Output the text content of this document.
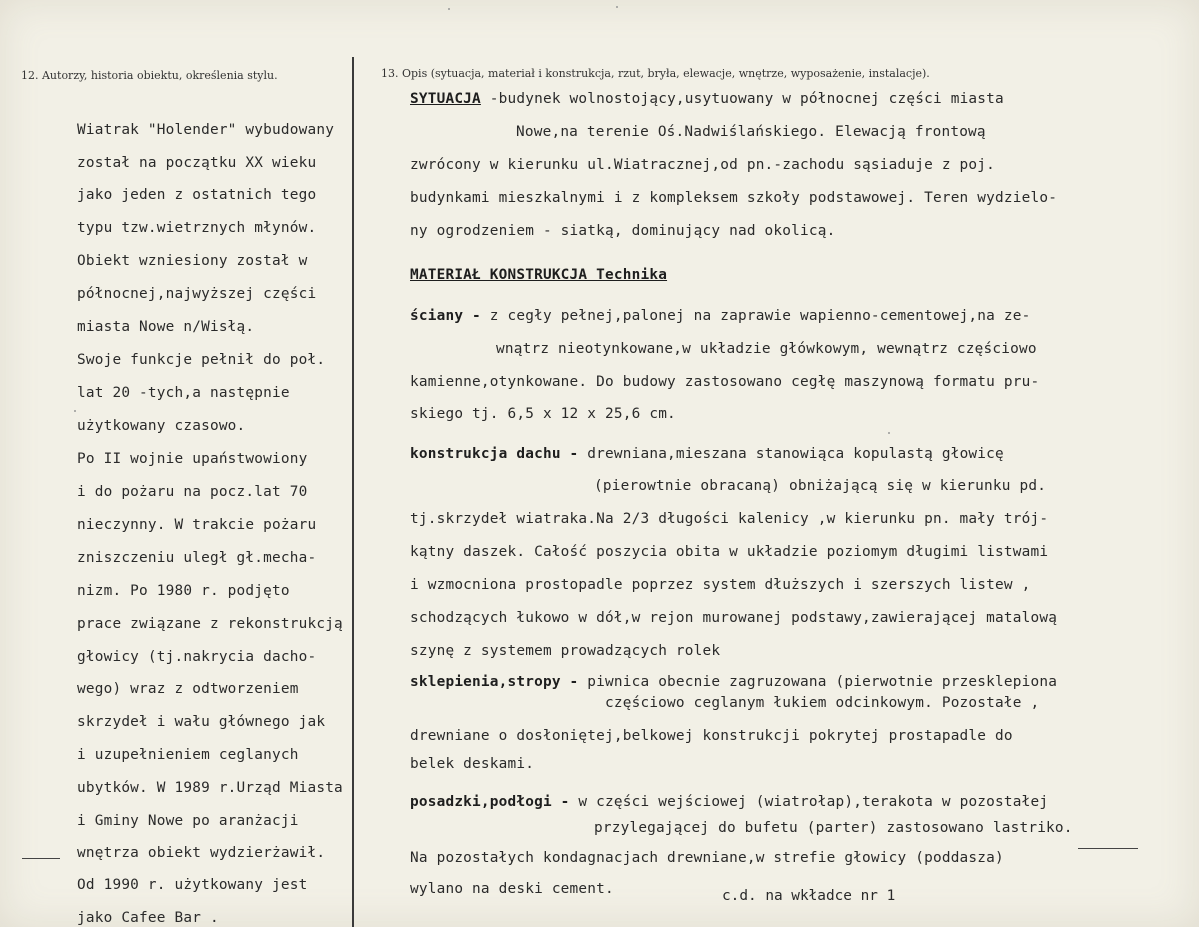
12. Autorzy, historia obiektu, określenia stylu.	13. Opis (sytuacja, materiał i konstrukcja, rzut, bryła, elewacje, wnętrze, wyposażenie, instalacje).
Wiatrak "Holender" wybudowany
został na początku XX wieku
jako jeden z ostatnich tego
typu tzw.wietrznych młynów.
Obiekt wzniesiony został w
północnej,najwyższej części
miasta Nowe n/Wisłą.
Swoje funkcje pełnił do poł.
lat 20 -tych,a następnie
użytkowany czasowo.
Po II wojnie upaństwowiony
i do pożaru na pocz.lat 70
nieczynny. W trakcie pożaru
zniszczeniu uległ gł.mecha-
nizm. Po 1980 r. podjęto
prace związane z rekonstrukcją
głowicy (tj.nakrycia dacho-
wego) wraz z odtworzeniem
skrzydeł i wału głównego jak
i uzupełnieniem ceglanych
ubytków. W 1989 r.Urząd Miasta
i Gminy Nowe po aranżacji
wnętrza obiekt wydzierżawił.
Od 1990 r. użytkowany jest
jako Cafee Bar .
SYTUACJA -budynek wolnostojący,usytuowany w północnej części miasta
Nowe,na terenie Oś.Nadwiślańskiego. Elewacją frontową
zwrócony w kierunku ul.Wiatracznej,od pn.-zachodu sąsiaduje z poj.
budynkami mieszkalnymi i z kompleksem szkoły podstawowej. Teren wydzielo-
ny ogrodzeniem - siatką, dominujący nad okolicą.
MATERIAŁ KONSTRUKCJA Technika
ściany - z cegły pełnej,palonej na zaprawie wapienno-cementowej,na ze-
wnątrz nieotynkowane,w układzie główkowym, wewnątrz częściowo
kamienne,otynkowane. Do budowy zastosowano cegłę maszynową formatu pru-
skiego tj. 6,5 x 12 x 25,6 cm.
konstrukcja dachu - drewniana,mieszana stanowiąca kopulastą głowicę
(pierowtnie obracaną) obniżającą się w kierunku pd.
tj.skrzydeł wiatraka.Na 2/3 długości kalenicy ,w kierunku pn. mały trój-
kątny daszek. Całość poszycia obita w układzie poziomym długimi listwami
i wzmocniona prostopadle poprzez system dłuższych i szerszych listew ,
schodzących łukowo w dół,w rejon murowanej podstawy,zawierającej matalową
szynę z systemem prowadzących rolek
sklepienia,stropy - piwnica obecnie zagruzowana (pierwotnie przesklepiona
częściowo ceglanym łukiem odcinkowym. Pozostałe ,
drewniane o dosłoniętej,belkowej konstrukcji pokrytej prostapadle do
belek deskami.
posadzki,podłogi - w części wejściowej (wiatrołap),terakota w pozostałej
przylegającej do bufetu (parter) zastosowano lastriko.
Na pozostałych kondagnacjach drewniane,w strefie głowicy (poddasza)
wylano na deski cement.	c.d. na wkładce nr 1
